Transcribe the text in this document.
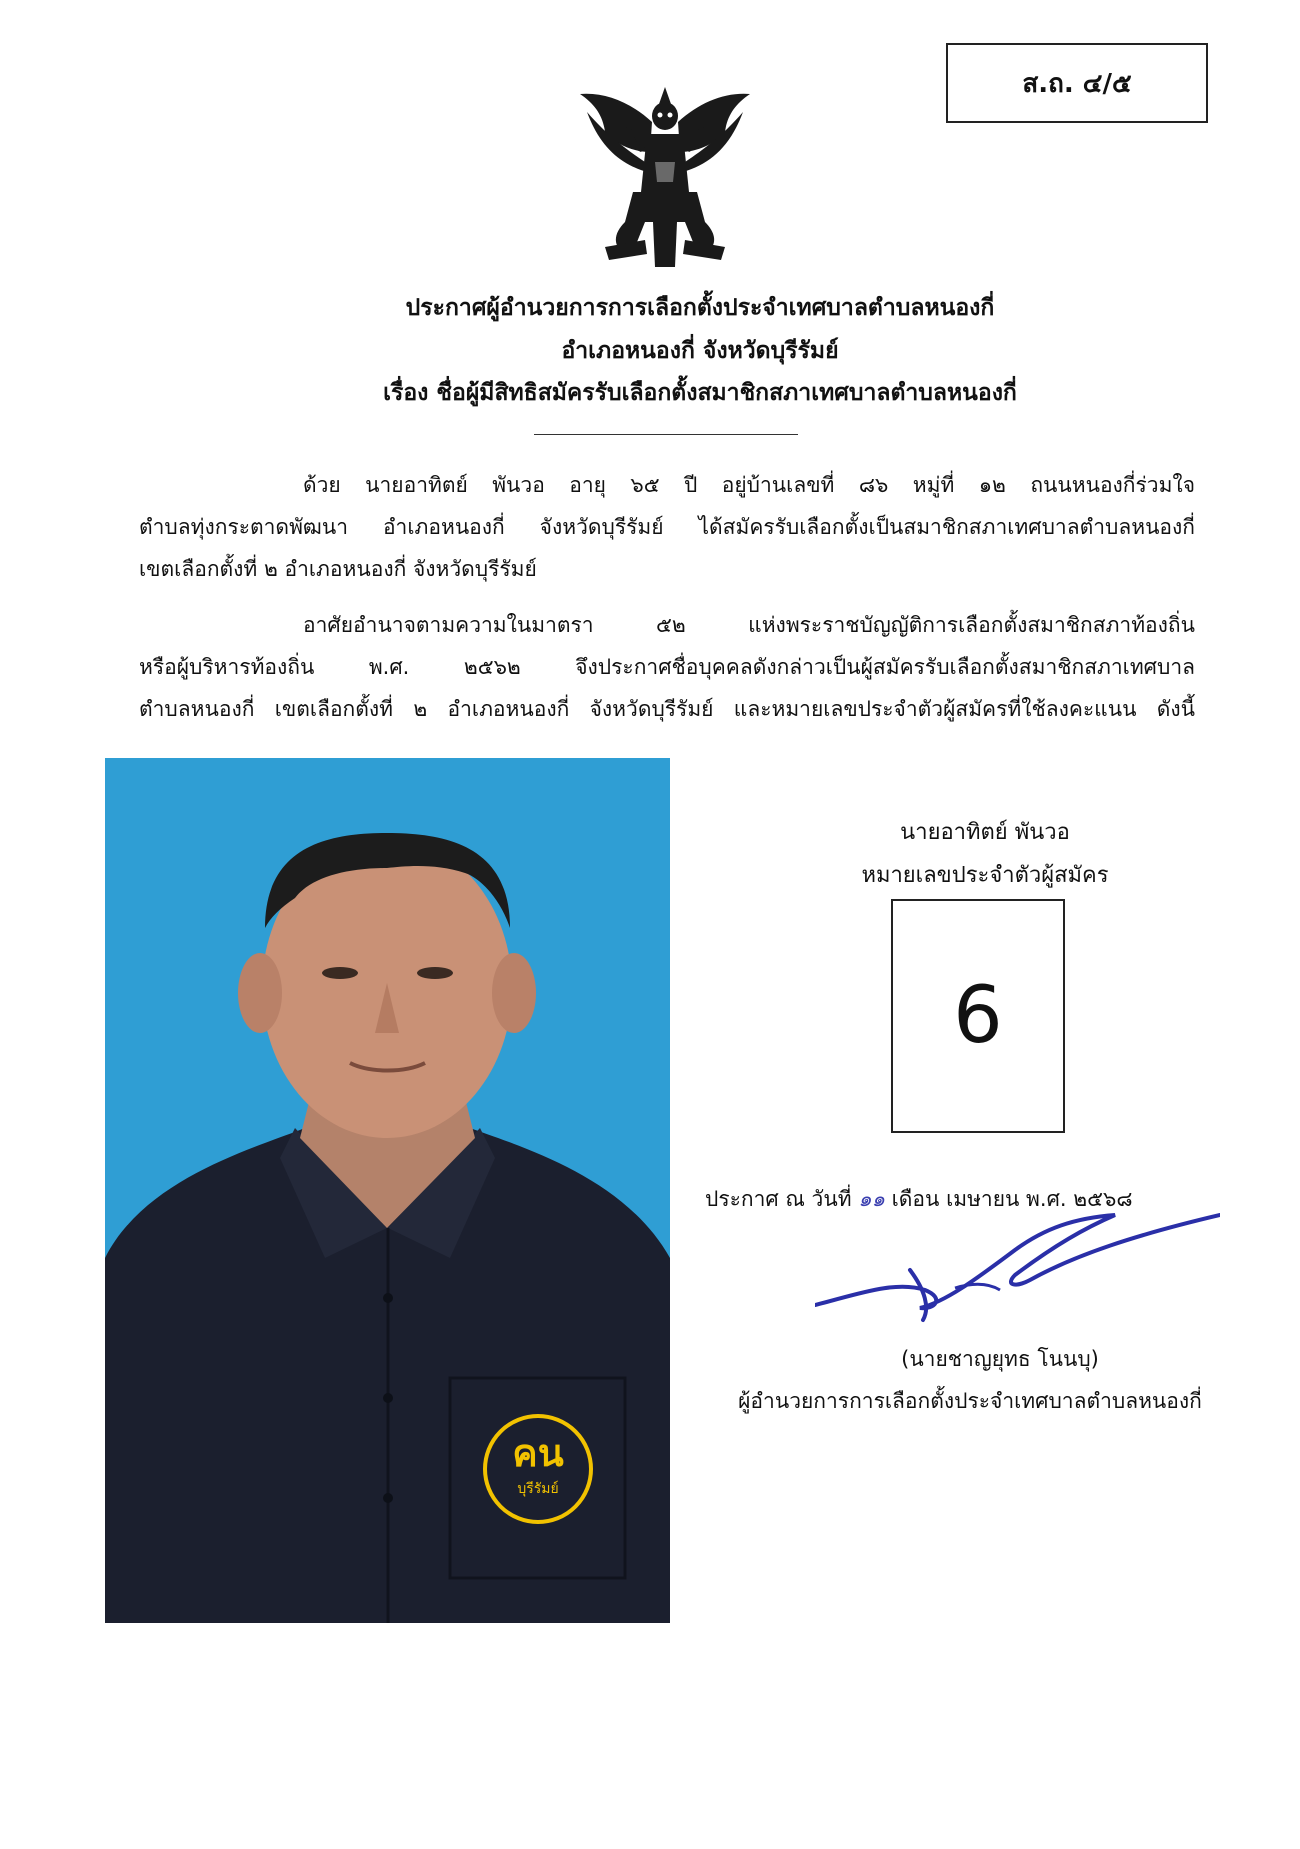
ส.ถ. ๔/๕
ประกาศผู้อำนวยการการเลือกตั้งประจำเทศบาลตำบลหนองกี่
อำเภอหนองกี่ จังหวัดบุรีรัมย์
เรื่อง ชื่อผู้มีสิทธิสมัครรับเลือกตั้งสมาชิกสภาเทศบาลตำบลหนองกี่
ด้วย นายอาทิตย์ พันวอ อายุ ๖๕ ปี อยู่บ้านเลขที่ ๘๖ หมู่ที่ ๑๒ ถนนหนองกี่ร่วมใจ
ตำบลทุ่งกระตาดพัฒนา อำเภอหนองกี่ จังหวัดบุรีรัมย์ ได้สมัครรับเลือกตั้งเป็นสมาชิกสภาเทศบาลตำบลหนองกี่
เขตเลือกตั้งที่ ๒ อำเภอหนองกี่ จังหวัดบุรีรัมย์
อาศัยอำนาจตามความในมาตรา ๕๒ แห่งพระราชบัญญัติการเลือกตั้งสมาชิกสภาท้องถิ่น
หรือผู้บริหารท้องถิ่น พ.ศ. ๒๕๖๒ จึงประกาศชื่อบุคคลดังกล่าวเป็นผู้สมัครรับเลือกตั้งสมาชิกสภาเทศบาล
ตำบลหนองกี่ เขตเลือกตั้งที่ ๒ อำเภอหนองกี่ จังหวัดบุรีรัมย์ และหมายเลขประจำตัวผู้สมัครที่ใช้ลงคะแนน ดังนี้
คน
บุรีรัมย์
นายอาทิตย์ พันวอ
หมายเลขประจำตัวผู้สมัคร
6
ประกาศ ณ วันที่ ๑๑ เดือน เมษายน พ.ศ. ๒๕๖๘
(นายชาญยุทธ โนนบุ)
ผู้อำนวยการการเลือกตั้งประจำเทศบาลตำบลหนองกี่
